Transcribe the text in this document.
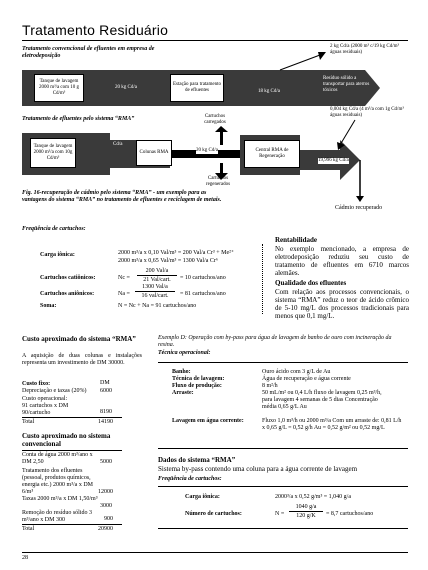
Tratamento Residuário
Tratamento convencional de efluentes em empresa de eletrodeposição
2 kg Cd/a (2000 m³ c/19 kg Cd/m³ águas residuais)
Tanque de lavagem 2000 m³/a com 10 g Cd/m³
20 kg Cd/a
Estação para tratamento de efluentes	18 kg Cd/a
Resíduo sólido a transportar para aterros tóxicos
Tratamento de efluentes pelo sistema “RMA”	Cartuchos carregados
0,004 kg Cd/a (4 m³/a com 1g Cd/m³ águas residuais)
Tanque de lavagem 2000 m³/a com 10g Cd/m³
20 kg Cd/a
Colunas RMA	20 kg Cd/a	Central RMA de Regeneração
Cartuchos regenerados
19,996 kg Cd/a
Cádmio recuperado
Fig. 16-recuperação de cádmio pelo sistema “RMA” - um exemplo para as vantagens do sistema “RMA” no tratamento de efluentes e reciclagem de metais.
Freqüência de cartuchos:
Carga iônica:	2000 m³/a x 0,10 Val/m³ = 200 Val/a Cr³ + Me²⁺
2000 m³/a x 0,65 Val/m³ = 1300 Val/a Cr⁶
Cartuchos catiônicos:	Nc =
200 Val/a
21 Val/cart.	= 10 cartuchos/ano
Cartuchos aniônicos:	Na =
1300 Val/a
16 val/cart.	= 81 cartuchos/ano
Soma:	N = Nc + Na = 91 cartuchos/ano
Rentabilidade
No exemplo mencionado, a empresa de eletrodeposição reduziu seu custo de tratamento de efluentes em 6710 marcos alemães.
Qualidade dos efluentes
Com relação aos processos convencionais, o sistema “RMA” reduz o teor de ácido crômico de 5-10 mg/L dos processos tradicionais para menos que 0,1 mg/L.
Custo aproximado do sistema “RMA”
A aquisição de duas colunas e instalações representa um investimento de DM 30000.
DM
Custo fixo:
Depreciação e taxas (20%)	6000
Custo operacional:
91 cartuchos x DM 90/cartucho	8190
Total	14190
Custo aproximado no sistema convencional
Conta de água 2000 m³/ano x DM 2,50	5000
Tratamento dos efluentes (pessoal, produtos químicos, energia etc.) 2000 m³/a x DM 6/m³	12000
Taxas 2000 m³/a x DM 1,50/m³
3000
Remoção do resíduo sólido 3 m³/ano x DM 300	900
Total	20900
Exemplo D: Operação com by-pass para água de lavagem de banho de ouro com incineração da resina.
Técnica operacional:
Banho:	Ouro ácido com 3 g/L de Au
Técnica de lavagem:	Água de recuperação e água corrente
Fluxo de produção:	8 m²/h
Arraste:	50 mL/m² ou 0,4 L/h fluxo de lavagem 0,25 m³/h, para lavagem 4 semanas de 5 dias Concentração média 0,65 g/L Au
Lavagem em água corrente:	Fluxo 1,0 m³/h ou 2000 m³/a Com um arraste de: 0,81 L/h x 0,65 g/L = 0,52 g/h Au = 0,52 g/m² ou 0,52 mg/L
Dados do sistema “RMA”
Sistema by-pass contendo uma coluna para a água corrente de lavagem
Freqüência de cartuchos:
Carga iônica:	2000³/a x 0,52 g/m³ = 1,040 g/a
Número de cartuchos:	N =
1040 g/a
120 g/K	= 8,7 cartuchos/ano
28
